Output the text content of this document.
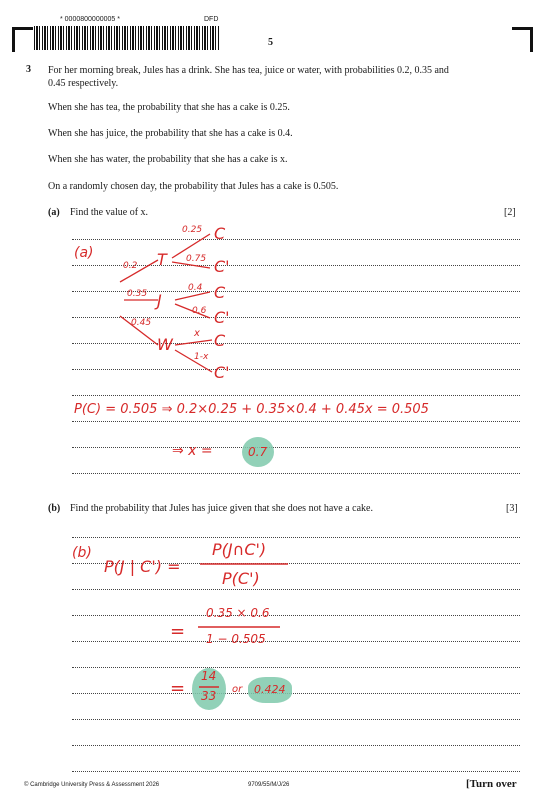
* 0000800000005 *	DFD
5
3 For her morning break, Jules has a drink. She has tea, juice or water, with probabilities 0.2, 0.35 and
0.45 respectively.
When she has tea, the probability that she has a cake is 0.25.
When she has juice, the probability that she has a cake is 0.4.
When she has water, the probability that she has a cake is x.
On a randomly chosen day, the probability that Jules has a cake is 0.505.
(a) Find the value of x.	[2]
(a)
0.2
0.35
0.45
T
J
W
0.25
0.75
0.4
0.6
x
1-x
C
C'
C
C'
C
C'
P(C) = 0.505 ⇒ 0.2×0.25 + 0.35×0.4 + 0.45x = 0.505
⇒ x =	0.7
(b) Find the probability that Jules has juice given that she does not have a cake.	[3]
(b)
P(J | C') =
P(J∩C')
P(C')
=
0.35 × 0.6
1 − 0.505
=
14
33 or 0.424
© Cambridge University Press & Assessment 2026	9709/55/M/J/26	[Turn over
